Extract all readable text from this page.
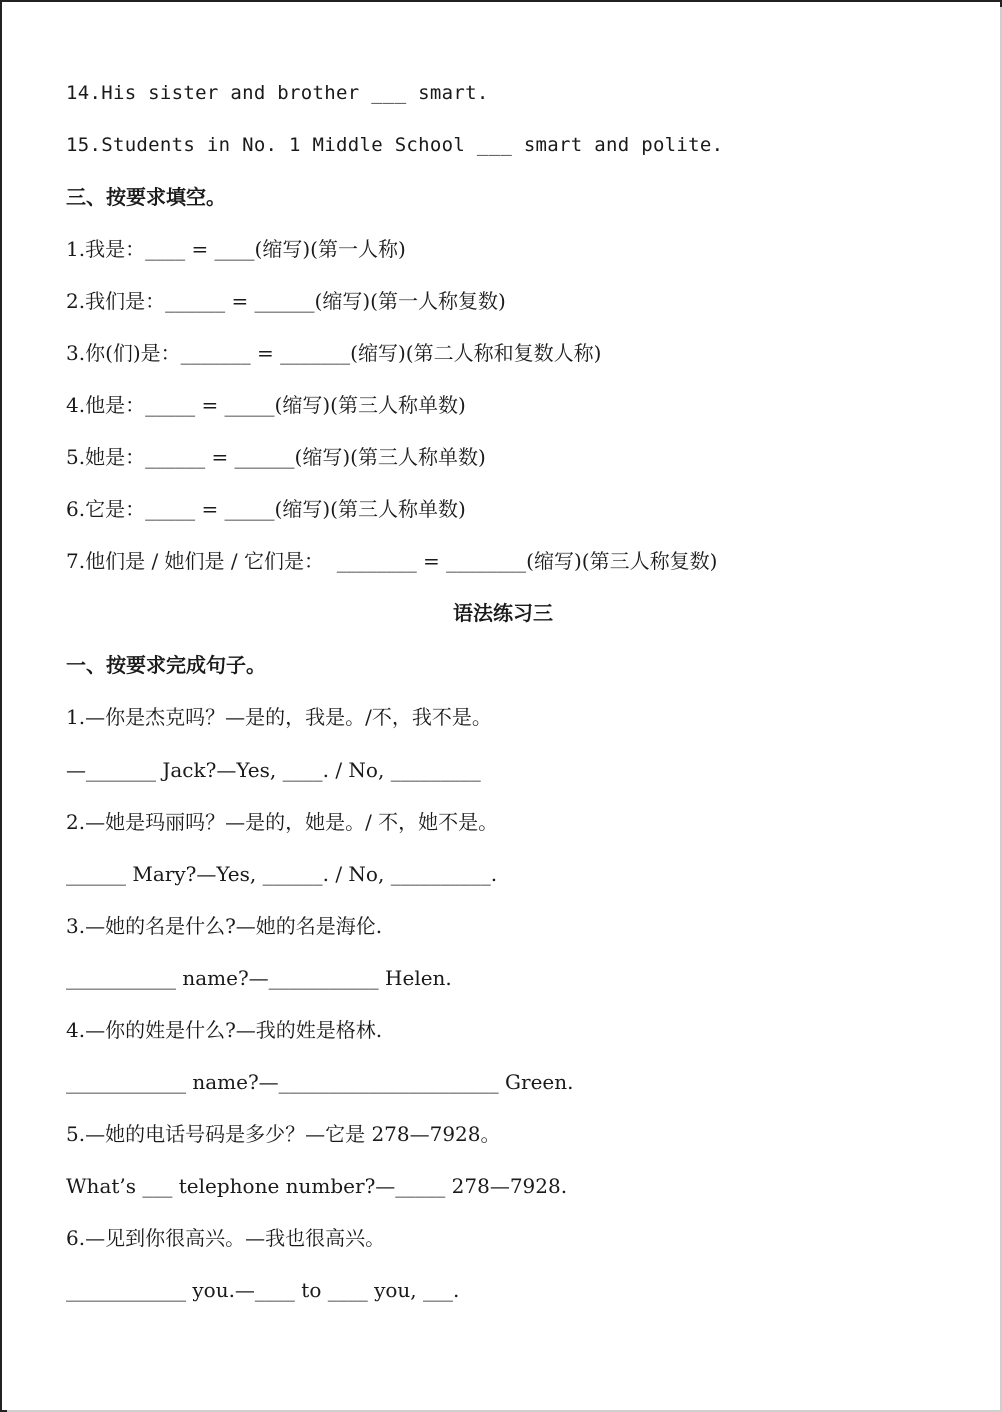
14.His sister and brother ___ smart.
15.Students in No. 1 Middle School ___ smart and polite.
三、按要求填空。
1.我是：____ = ____(缩写)(第一人称)
2.我们是：______ = ______(缩写)(第一人称复数)
3.你(们)是：_______ = _______(缩写)(第二人称和复数人称)
4.他是：_____ = _____(缩写)(第三人称单数)
5.她是：______ = ______(缩写)(第三人称单数)
6.它是：_____ = _____(缩写)(第三人称单数)
7.他们是 / 她们是 / 它们是：  ________ = ________(缩写)(第三人称复数)
语法练习三
一、按要求完成句子。
1.—你是杰克吗？—是的，我是。/不，我不是。
—_______ Jack?—Yes, ____. / No, _________
2.—她是玛丽吗？—是的，她是。/ 不，她不是。
______ Mary?—Yes, ______. / No, __________.
3.—她的名是什么?—她的名是海伦.
___________ name?—___________ Helen.
4.—你的姓是什么?—我的姓是格林.
____________ name?—______________________ Green.
5.—她的电话号码是多少？—它是 278—7928。
What’s ___ telephone number?—_____ 278—7928.
6.—见到你很高兴。—我也很高兴。
____________ you.—____ to ____ you, ___.
